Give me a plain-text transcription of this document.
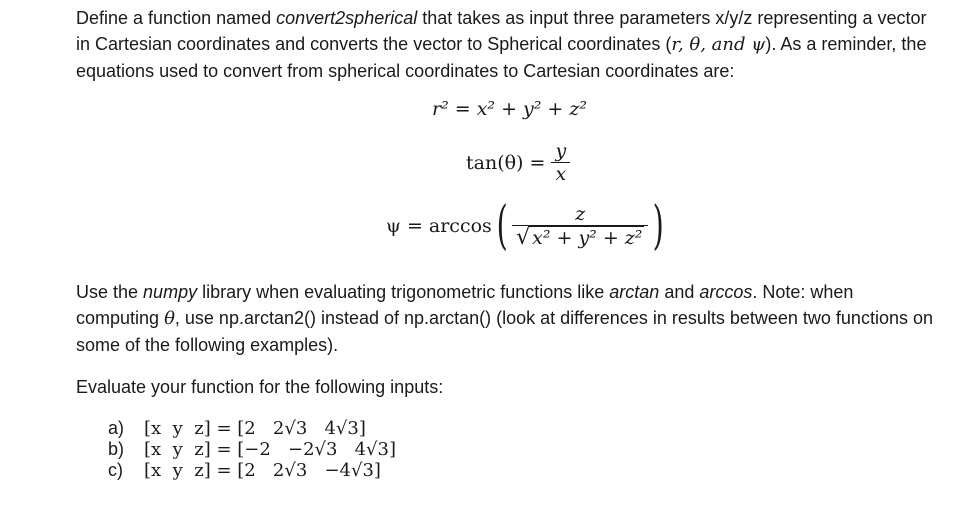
Define a function named convert2spherical that takes as input three parameters x/y/z representing a vector in Cartesian coordinates and converts the vector to Spherical coordinates (r, θ, and ψ). As a reminder, the equations used to convert from spherical coordinates to Cartesian coordinates are:
r² = x² + y² + z²
$\tan(\theta) = \frac{y}{x}$
ψ = arccos ( $\frac{z}{\text{√ x² + y² + z²}}$ )
Use the numpy library when evaluating trigonometric functions like arctan and arccos. Note: when computing θ, use np.arctan2() instead of np.arctan() (look at differences in results between two functions on some of the following examples).
Evaluate your function for the following inputs:
a)	[x  y  z] = [2   2√3   4√3]
b)	[x  y  z] = [−2   −2√3   4√3]
c)	[x  y  z] = [2   2√3   −4√3]
